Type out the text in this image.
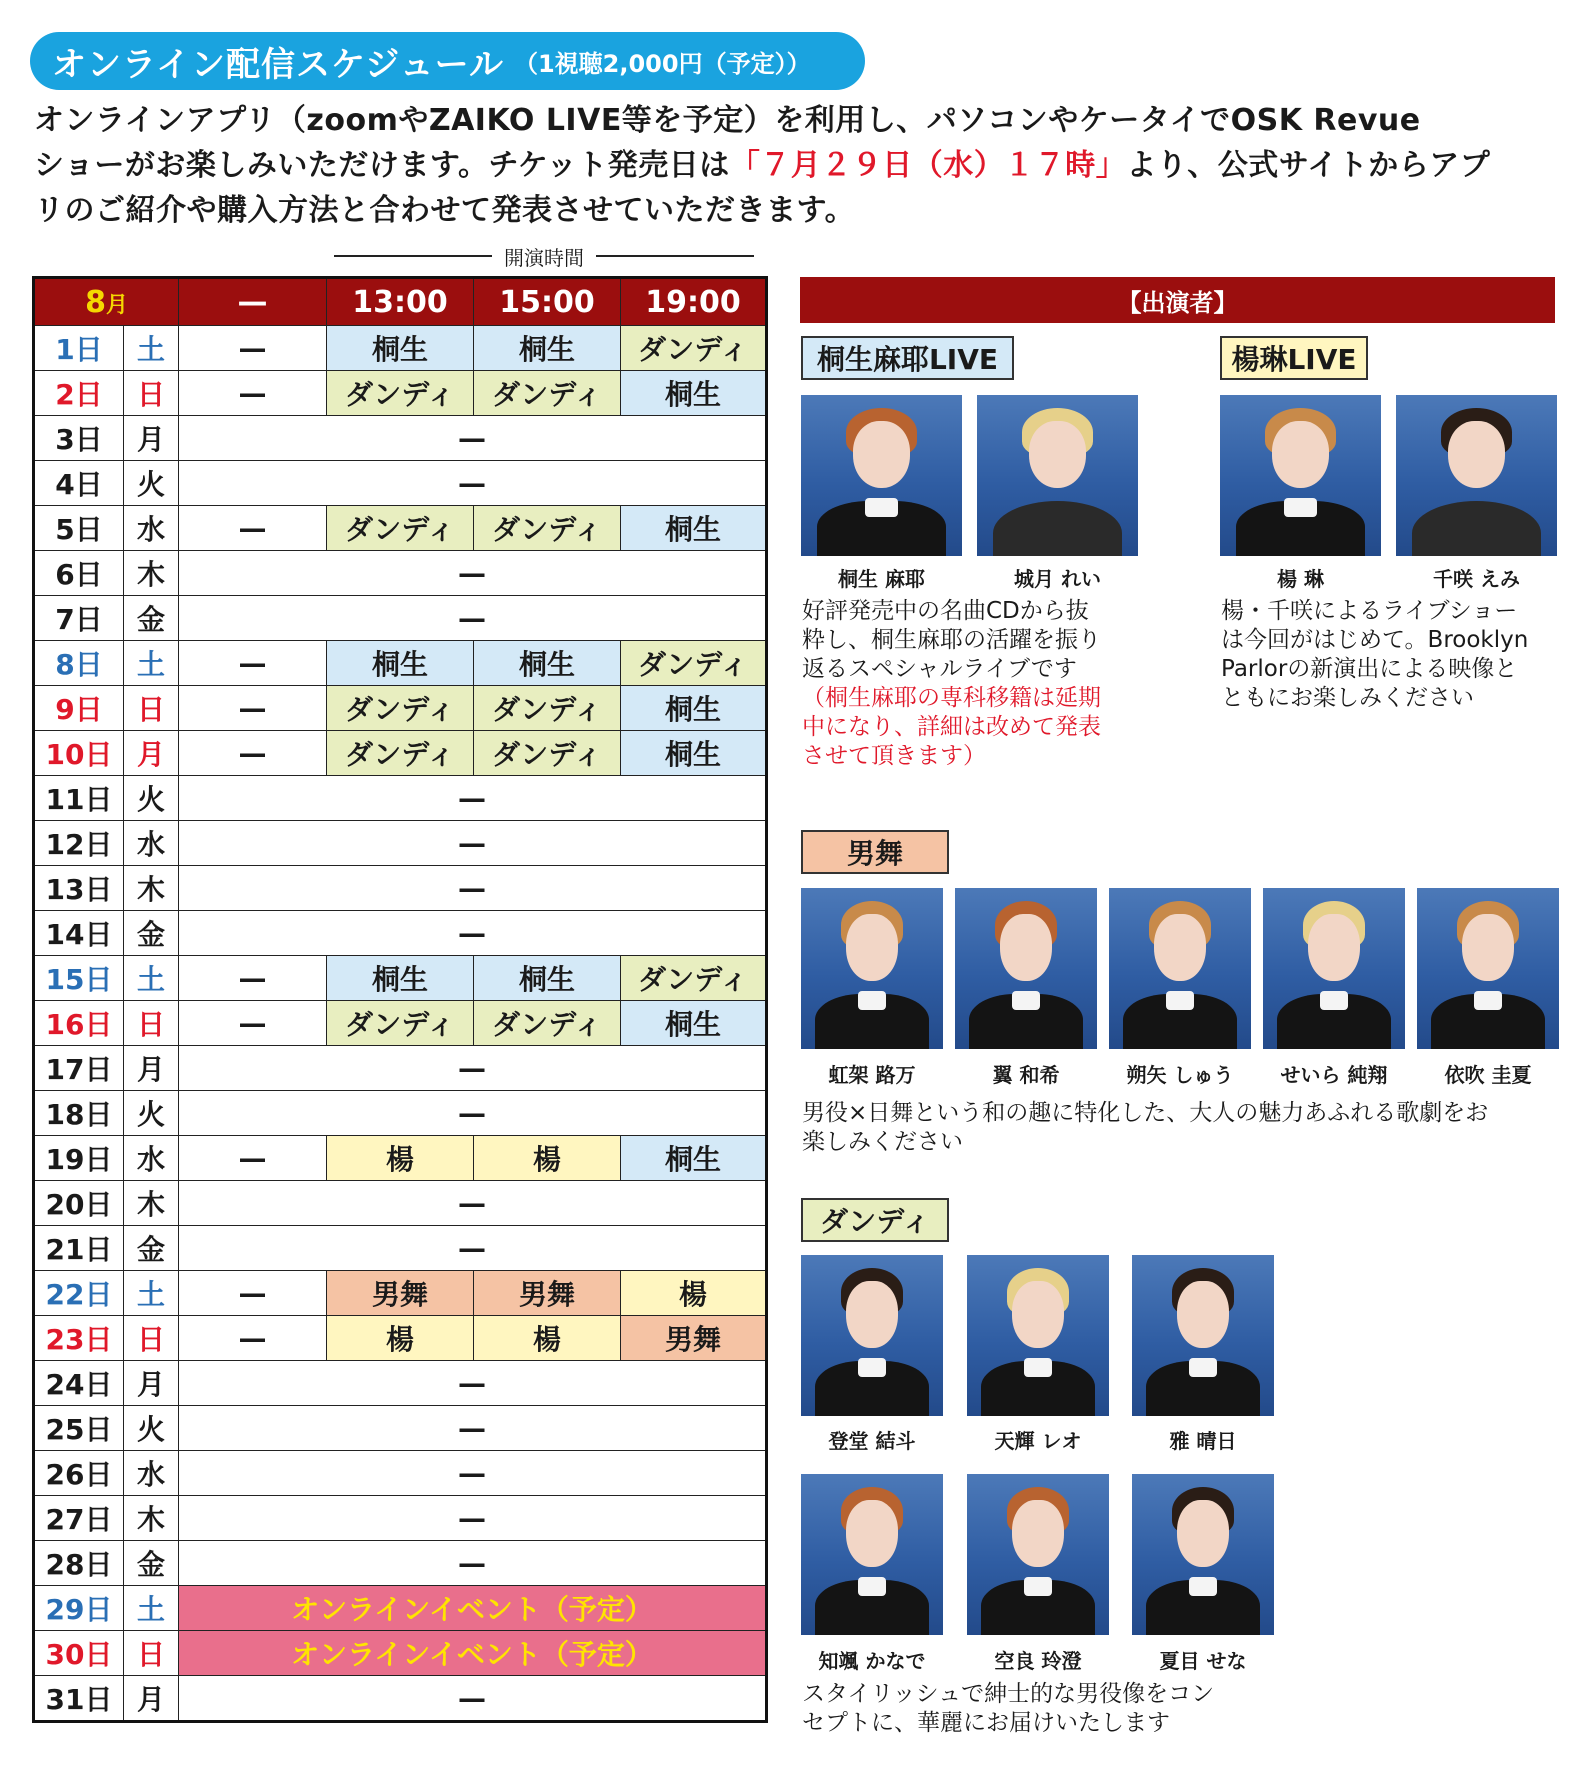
オンライン配信スケジュール （1視聴2,000円（予定））
オンラインアプリ（zoomやZAIKO LIVE等を予定）を利用し、パソコンやケータイでOSK Revue
ショーがお楽しみいただけます。チケット発売日は「７月２９日（水）１７時」より、公式サイトからアプ
リのご紹介や購入方法と合わせて発表させていただきます。
開演時間
8月		—	13:00	15:00	19:00
1日	土	—	桐生	桐生	ダンディ
2日	日	—	ダンディ	ダンディ	桐生
3日	月	—			
4日	火	—			
5日	水	—	ダンディ	ダンディ	桐生
6日	木	—			
7日	金	—			
8日	土	—	桐生	桐生	ダンディ
9日	日	—	ダンディ	ダンディ	桐生
10日	月	—	ダンディ	ダンディ	桐生
11日	火	—			
12日	水	—			
13日	木	—			
14日	金	—			
15日	土	—	桐生	桐生	ダンディ
16日	日	—	ダンディ	ダンディ	桐生
17日	月	—			
18日	火	—			
19日	水	—	楊	楊	桐生
20日	木	—			
21日	金	—			
22日	土	—	男舞	男舞	楊
23日	日	—	楊	楊	男舞
24日	月	—			
25日	火	—			
26日	水	—			
27日	木	—			
28日	金	—			
29日	土	オンラインイベント（予定）			
30日	日	オンラインイベント（予定）			
31日	月	—			
【出演者】
桐生麻耶LIVE
桐生 麻耶	城月 れい
好評発売中の名曲CDから抜
粋し、桐生麻耶の活躍を振り
返るスペシャルライブです
（桐生麻耶の専科移籍は延期
中になり、詳細は改めて発表
させて頂きます）
楊琳LIVE
楊 琳	千咲 えみ
楊・千咲によるライブショー
は今回がはじめて。Brooklyn
Parlorの新演出による映像と
ともにお楽しみください
男舞
虹架 路万	翼 和希	朔矢 しゅう	せいら 純翔	依吹 圭夏
男役×日舞という和の趣に特化した、大人の魅力あふれる歌劇をお
楽しみください
ダンディ
登堂 結斗	天輝 レオ	雅 晴日
知颯 かなで	空良 玲澄	夏目 せな
スタイリッシュで紳士的な男役像をコン
セプトに、華麗にお届けいたします
